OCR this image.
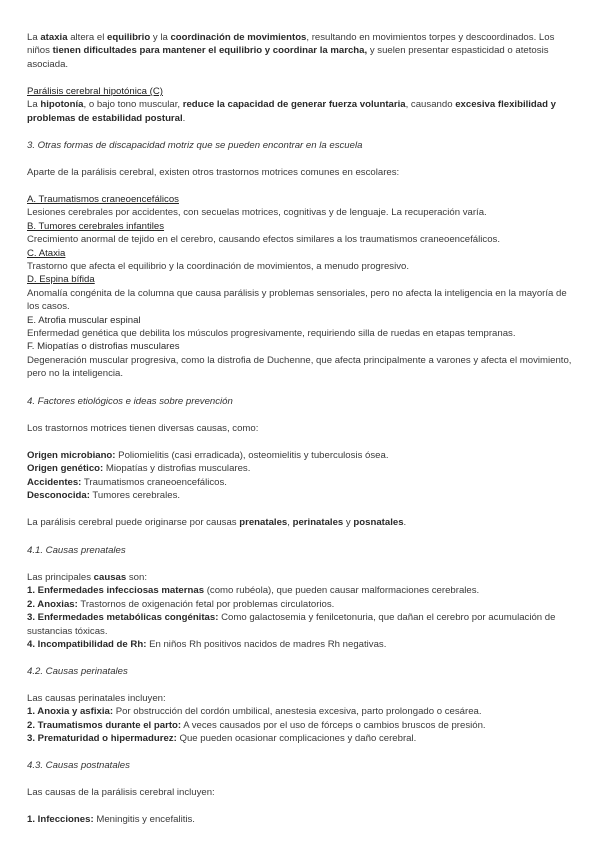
La ataxia altera el equilibrio y la coordinación de movimientos, resultando en movimientos torpes y descoordinados. Los niños tienen dificultades para mantener el equilibrio y coordinar la marcha, y suelen presentar espasticidad o atetosis asociada.

Parálisis cerebral hipotónica (C)
La hipotonía, o bajo tono muscular, reduce la capacidad de generar fuerza voluntaria, causando excesiva flexibilidad y problemas de estabilidad postural.

3. Otras formas de discapacidad motriz que se pueden encontrar en la escuela

Aparte de la parálisis cerebral, existen otros trastornos motrices comunes en escolares:

A. Traumatismos craneoencefálicos
Lesiones cerebrales por accidentes, con secuelas motrices, cognitivas y de lenguaje. La recuperación varía.
B. Tumores cerebrales infantiles
Crecimiento anormal de tejido en el cerebro, causando efectos similares a los traumatismos craneoencefálicos.
C. Ataxia
Trastorno que afecta el equilibrio y la coordinación de movimientos, a menudo progresivo.
D. Espina bífida
Anomalía congénita de la columna que causa parálisis y problemas sensoriales, pero no afecta la inteligencia en la mayoría de los casos.
E. Atrofia muscular espinal
Enfermedad genética que debilita los músculos progresivamente, requiriendo silla de ruedas en etapas tempranas.
F. Miopatías o distrofias musculares
Degeneración muscular progresiva, como la distrofia de Duchenne, que afecta principalmente a varones y afecta el movimiento, pero no la inteligencia.

4. Factores etiológicos e ideas sobre prevención

Los trastornos motrices tienen diversas causas, como:

Origen microbiano: Poliomielitis (casi erradicada), osteomielitis y tuberculosis ósea.
Origen genético: Miopatías y distrofias musculares.
Accidentes: Traumatismos craneoencefálicos.
Desconocida: Tumores cerebrales.

La parálisis cerebral puede originarse por causas prenatales, perinatales y posnatales.

4.1. Causas prenatales

Las principales causas son:
1. Enfermedades infecciosas maternas (como rubéola), que pueden causar malformaciones cerebrales.
2. Anoxias: Trastornos de oxigenación fetal por problemas circulatorios.
3. Enfermedades metabólicas congénitas: Como galactosemia y fenilcetonuria, que dañan el cerebro por acumulación de sustancias tóxicas.
4. Incompatibilidad de Rh: En niños Rh positivos nacidos de madres Rh negativas.

4.2. Causas perinatales

Las causas perinatales incluyen:
1. Anoxia y asfixia: Por obstrucción del cordón umbilical, anestesia excesiva, parto prolongado o cesárea.
2. Traumatismos durante el parto: A veces causados por el uso de fórceps o cambios bruscos de presión.
3. Prematuridad o hipermadurez: Que pueden ocasionar complicaciones y daño cerebral.

4.3. Causas postnatales

Las causas de la parálisis cerebral incluyen:

1. Infecciones: Meningitis y encefalitis.
